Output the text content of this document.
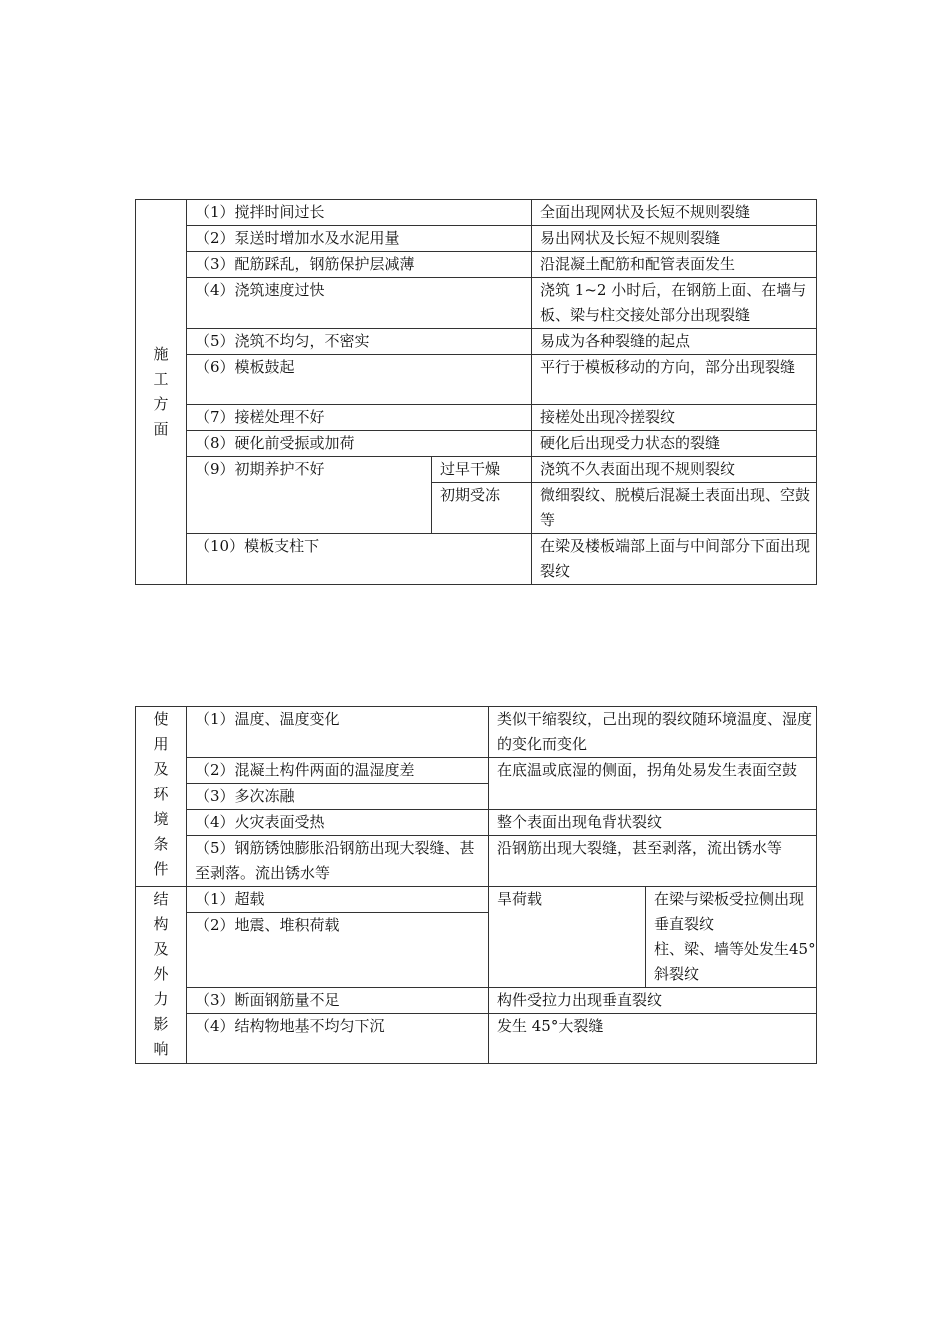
施工方面	（1）搅拌时间过长		全面出现网状及长短不规则裂缝
	（2）泵送时增加水及水泥用量		易出网状及长短不规则裂缝
	（3）配筋踩乱，钢筋保护层减薄		沿混凝土配筋和配管表面发生
	（4）浇筑速度过快		浇筑 1~2 小时后，在钢筋上面、在墙与板、梁与柱交接处部分出现裂缝
	（5）浇筑不均匀，不密实		易成为各种裂缝的起点
	（6）模板鼓起		平行于模板移动的方向，部分出现裂缝
	（7）接槎处理不好		接槎处出现冷搓裂纹
	（8）硬化前受振或加荷		硬化后出现受力状态的裂缝
	（9）初期养护不好	过早干燥	浇筑不久表面出现不规则裂纹
		初期受冻	微细裂纹、脱模后混凝土表面出现、空鼓等
	（10）模板支柱下		在梁及楼板端部上面与中间部分下面出现裂纹
使用及环境条件	（1）温度、温度变化	类似干缩裂纹，己出现的裂纹随环境温度、湿度的变化而变化	
	（2）混凝土构件两面的温湿度差	在底温或底湿的侧面，拐角处易发生表面空鼓	
	（3）多次冻融		
	（4）火灾表面受热	整个表面出现龟背状裂纹	
	（5）钢筋锈蚀膨胀沿钢筋出现大裂缝、甚至剥落。流出锈水等	沿钢筋出现大裂缝，甚至剥落，流出锈水等	

结构及外力影响	（1）超载	旱荷载	在梁与梁板受拉侧出现垂直裂纹
柱、梁、墙等处发生45°斜裂纹
	（2）地震、堆积荷载		
	（3）断面钢筋量不足	构件受拉力出现垂直裂纹	
	（4）结构物地基不均匀下沉	发生 45°大裂缝	
